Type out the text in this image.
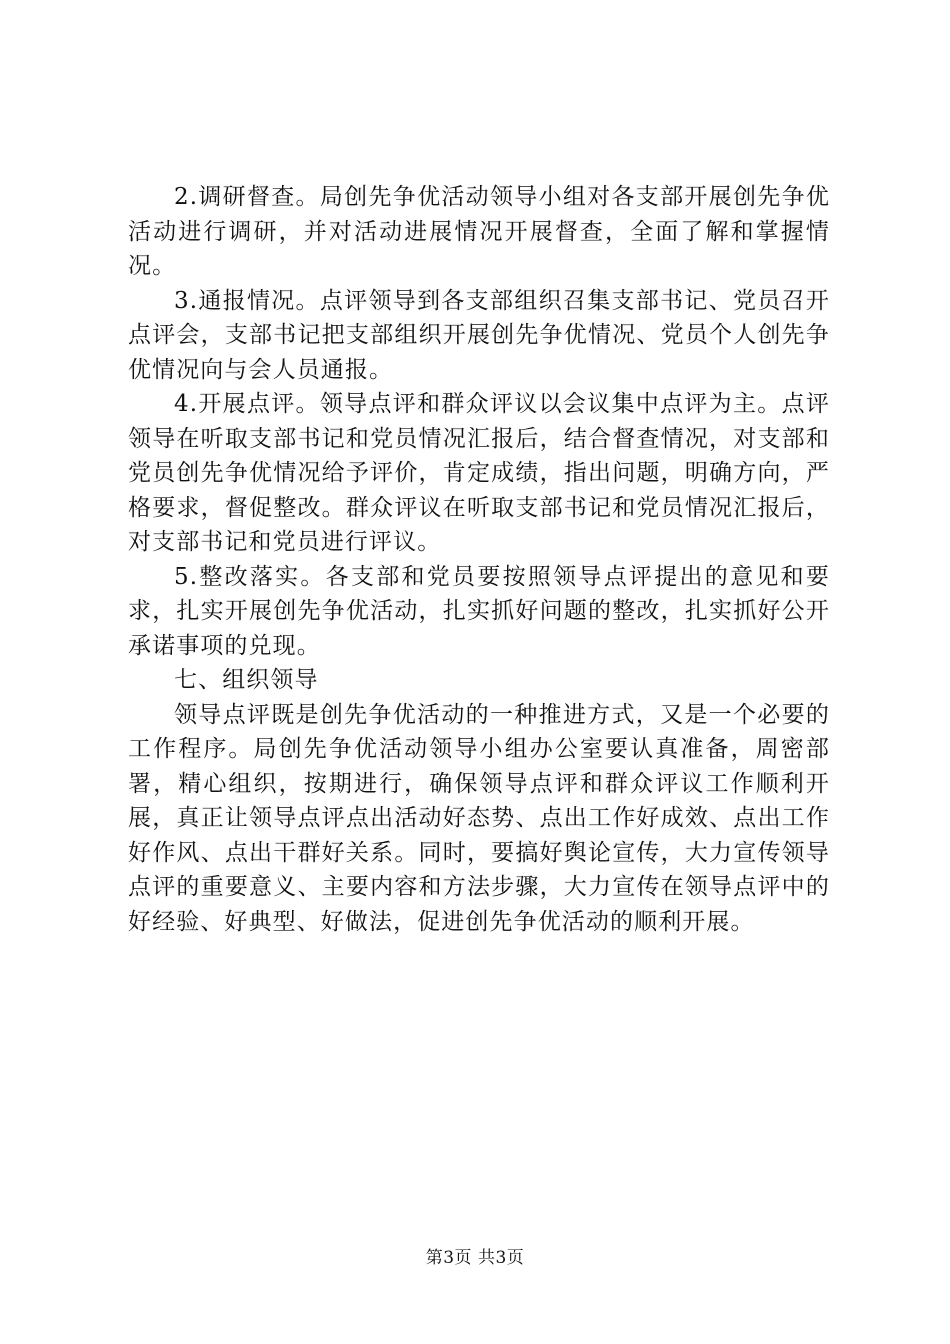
2.调研督查。局创先争优活动领导小组对各支部开展创先争优活动进行调研，并对活动进展情况开展督查，全面了解和掌握情况。

3.通报情况。点评领导到各支部组织召集支部书记、党员召开点评会，支部书记把支部组织开展创先争优情况、党员个人创先争优情况向与会人员通报。

4.开展点评。领导点评和群众评议以会议集中点评为主。点评领导在听取支部书记和党员情况汇报后，结合督查情况，对支部和党员创先争优情况给予评价，肯定成绩，指出问题，明确方向，严格要求，督促整改。群众评议在听取支部书记和党员情况汇报后，对支部书记和党员进行评议。

5.整改落实。各支部和党员要按照领导点评提出的意见和要求，扎实开展创先争优活动，扎实抓好问题的整改，扎实抓好公开承诺事项的兑现。

七、组织领导

领导点评既是创先争优活动的一种推进方式，又是一个必要的工作程序。局创先争优活动领导小组办公室要认真准备，周密部署，精心组织，按期进行，确保领导点评和群众评议工作顺利开展，真正让领导点评点出活动好态势、点出工作好成效、点出工作好作风、点出干群好关系。同时，要搞好舆论宣传，大力宣传领导点评的重要意义、主要内容和方法步骤，大力宣传在领导点评中的好经验、好典型、好做法，促进创先争优活动的顺利开展。

第3页 共3页
